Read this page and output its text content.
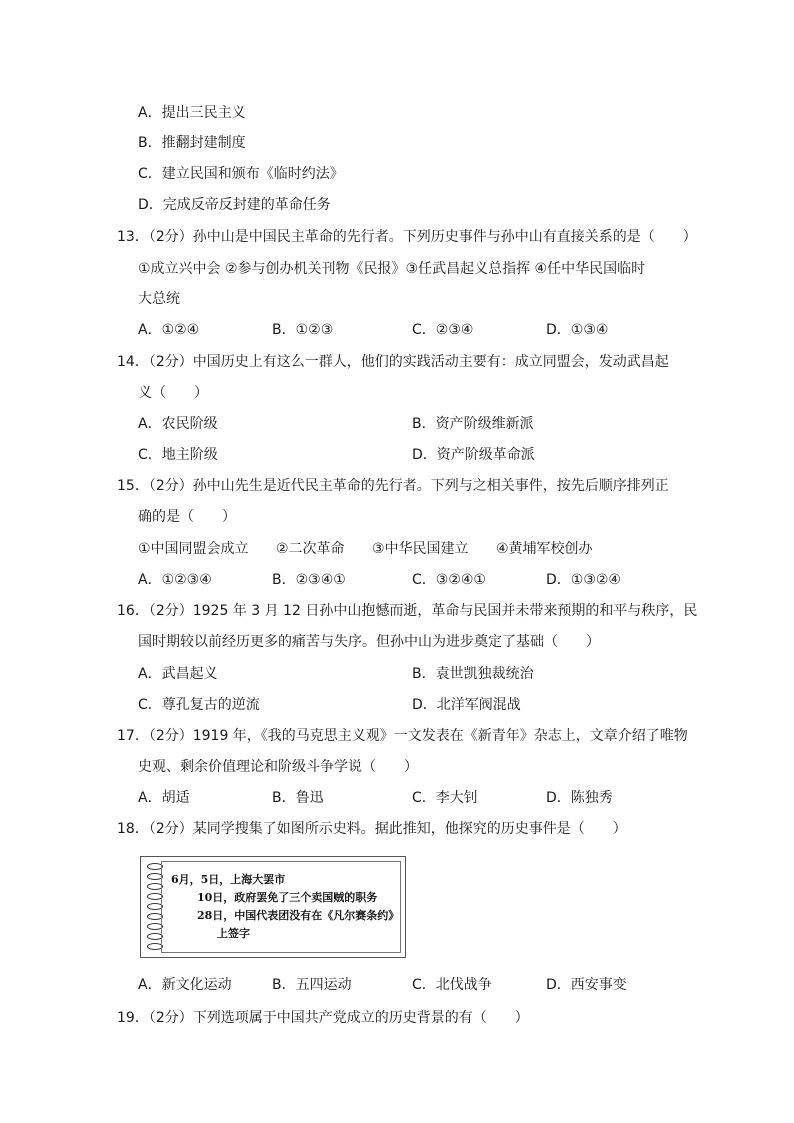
A．提出三民主义
B．推翻封建制度
C．建立民国和颁布《临时约法》
D．完成反帝反封建的革命任务
13．（2分）孙中山是中国民主革命的先行者。下列历史事件与孙中山有直接关系的是（　　）
①成立兴中会 ②参与创办机关刊物《民报》③任武昌起义总指挥 ④任中华民国临时
大总统
A．①②④	B．①②③	C．②③④	D．①③④
14．（2分）中国历史上有这么一群人，他们的实践活动主要有：成立同盟会，发动武昌起
义（　　）
A．农民阶级	B．资产阶级维新派
C．地主阶级	D．资产阶级革命派
15．（2分）孙中山先生是近代民主革命的先行者。下列与之相关事件，按先后顺序排列正
确的是（　　）
①中国同盟会成立 ②二次革命 ③中华民国建立 ④黄埔军校创办
A．①②③④	B．②③④①	C．③②④①	D．①③②④
16．（2分）1925 年 3 月 12 日孙中山抱憾而逝，革命与民国并未带来预期的和平与秩序，民
国时期较以前经历更多的痛苦与失序。但孙中山为进步奠定了基础（　　）
A．武昌起义	B．袁世凯独裁统治
C．尊孔复古的逆流	D．北洋军阀混战
17．（2分）1919 年，《我的马克思主义观》一文发表在《新青年》杂志上，文章介绍了唯物
史观、剩余价值理论和阶级斗争学说（　　）
A．胡适	B．鲁迅	C．李大钊	D．陈独秀
18．（2分）某同学搜集了如图所示史料。据此推知，他探究的历史事件是（　　）
6月，5日，上海大罢市
10日，政府罢免了三个卖国贼的职务
28日，中国代表团没有在《凡尔赛条约》
上签字
A．新文化运动	B．五四运动	C．北伐战争	D．西安事变
19．（2分）下列选项属于中国共产党成立的历史背景的有（　　）
